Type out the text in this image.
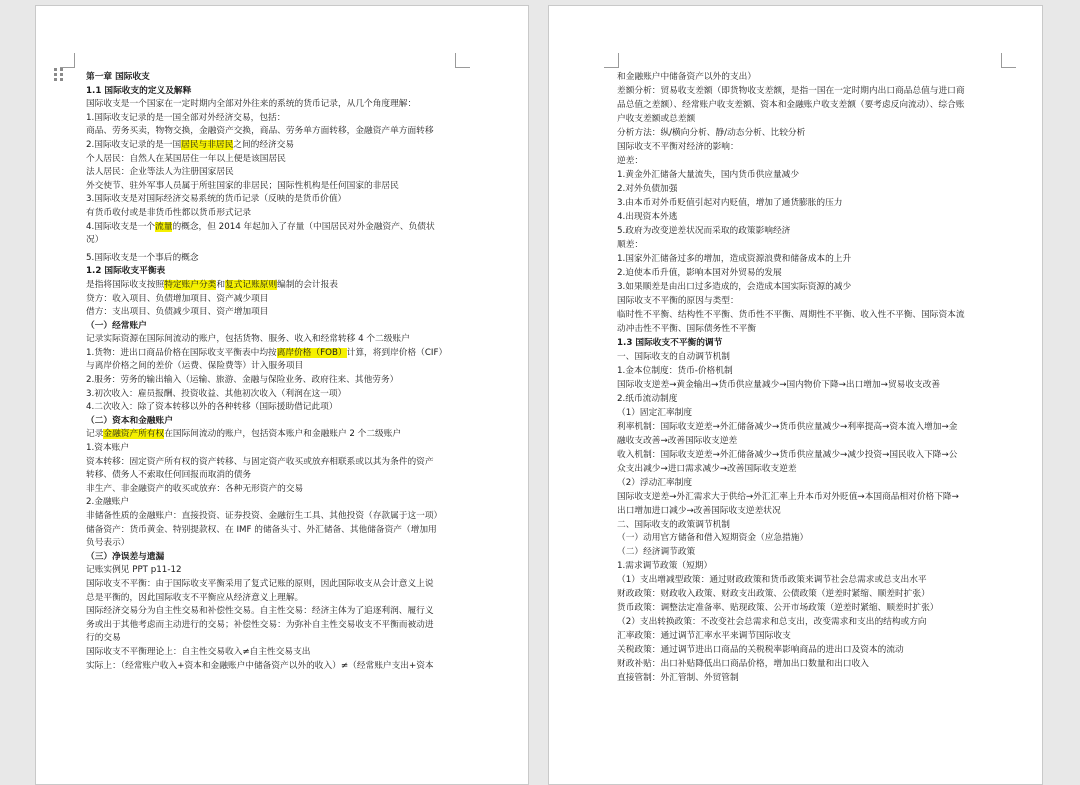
第一章 国际收支
1.1 国际收支的定义及解释
国际收支是一个国家在一定时期内全部对外往来的系统的货币记录，从几个角度理解：
1.国际收支记录的是一国全部对外经济交易，包括：
商品、劳务买卖，物物交换，金融资产交换，商品、劳务单方面转移，金融资产单方面转移
2.国际收支记录的是一国居民与非居民之间的经济交易
个人居民：自然人在某国居住一年以上便是该国居民
法人居民：企业等法人为注册国家居民
外交使节、驻外军事人员属于所驻国家的非居民；国际性机构是任何国家的非居民
3.国际收支是对国际经济交易系统的货币记录（反映的是货币价值）
有货币收付或是非货币性都以货币形式记录
4.国际收支是一个流量的概念，但 2014 年起加入了存量（中国居民对外金融资产、负债状
况）
5.国际收支是一个事后的概念
1.2 国际收支平衡表
是指将国际收支按照特定账户分类和复式记账原则编制的会计报表
贷方：收入项目、负债增加项目、资产减少项目
借方：支出项目、负债减少项目、资产增加项目
（一）经常账户
记录实际资源在国际间流动的账户，包括货物、服务、收入和经常转移 4 个二级账户
1.货物：进出口商品价格在国际收支平衡表中均按离岸价格（FOB）计算，将到岸价格（CIF）
与离岸价格之间的差价（运费、保险费等）计入服务项目
2.服务：劳务的输出输入（运输、旅游、金融与保险业务、政府往来、其他劳务）
3.初次收入：雇员报酬、投资收益、其他初次收入（利润在这一项）
4.二次收入：除了资本转移以外的各种转移（国际援助借记此项）
（二）资本和金融账户
记录金融资产所有权在国际间流动的账户，包括资本账户和金融账户 2 个二级账户
1.资本账户
资本转移：固定资产所有权的资产转移、与固定资产收买或放弃相联系或以其为条件的资产
转移、债务人不索取任何回报而取消的债务
非生产、非金融资产的收买或放弃：各种无形资产的交易
2.金融账户
非储备性质的金融账户：直接投资、证券投资、金融衍生工具、其他投资（存款属于这一项）
储备资产：货币黄金、特别提款权、在 IMF 的储备头寸、外汇储备、其他储备资产（增加用
负号表示）
（三）净误差与遗漏
记账实例见 PPT p11-12
国际收支不平衡：由于国际收支平衡采用了复式记账的原则，因此国际收支从会计意义上说
总是平衡的，因此国际收支不平衡应从经济意义上理解。
国际经济交易分为自主性交易和补偿性交易。自主性交易：经济主体为了追逐利润、履行义
务或出于其他考虑而主动进行的交易；补偿性交易：为弥补自主性交易收支不平衡而被动进
行的交易
国际收支不平衡理论上：自主性交易收入≠自主性交易支出
实际上：（经常账户收入+资本和金融账户中储备资产以外的收入）≠（经常账户支出+资本
和金融账户中储备资产以外的支出）
差额分析：贸易收支差额（即货物收支差额，是指一国在一定时期内出口商品总值与进口商
品总值之差额）、经常账户收支差额、资本和金融账户收支差额（要考虑反向流动）、综合账
户收支差额或总差额
分析方法：纵/横向分析、静/动态分析、比较分析
国际收支不平衡对经济的影响：
逆差：
1.黄金外汇储备大量流失，国内货币供应量减少
2.对外负债加强
3.由本币对外币贬值引起对内贬值，增加了通货膨胀的压力
4.出现资本外逃
5.政府为改变逆差状况而采取的政策影响经济
顺差：
1.国家外汇储备过多的增加，造成资源浪费和储备成本的上升
2.迫使本币升值，影响本国对外贸易的发展
3.如果顺差是由出口过多造成的，会造成本国实际资源的减少
国际收支不平衡的原因与类型：
临时性不平衡、结构性不平衡、货币性不平衡、周期性不平衡、收入性不平衡、国际资本流
动冲击性不平衡、国际债务性不平衡
1.3 国际收支不平衡的调节
一、国际收支的自动调节机制
1.金本位制度：货币-价格机制
国际收支逆差→黄金输出→货币供应量减少→国内物价下降→出口增加→贸易收支改善
2.纸币流动制度
（1）固定汇率制度
利率机制：国际收支逆差→外汇储备减少→货币供应量减少→利率提高→资本流入增加→金
融收支改善→改善国际收支逆差
收入机制：国际收支逆差→外汇储备减少→货币供应量减少→减少投资→国民收入下降→公
众支出减少→进口需求减少→改善国际收支逆差
（2）浮动汇率制度
国际收支逆差→外汇需求大于供给→外汇汇率上升本币对外贬值→本国商品相对价格下降→
出口增加进口减少→改善国际收支逆差状况
二、国际收支的政策调节机制
（一）动用官方储备和借入短期资金（应急措施）
（二）经济调节政策
1.需求调节政策（短期）
（1）支出增减型政策：通过财政政策和货币政策来调节社会总需求或总支出水平
财政政策：财政收入政策、财政支出政策、公债政策（逆差时紧缩、顺差时扩张）
货币政策：调整法定准备率、贴现政策、公开市场政策（逆差时紧缩、顺差时扩张）
（2）支出转换政策：不改变社会总需求和总支出，改变需求和支出的结构或方向
汇率政策：通过调节汇率水平来调节国际收支
关税政策：通过调节进出口商品的关税税率影响商品的进出口及资本的流动
财政补贴：出口补贴降低出口商品价格，增加出口数量和出口收入
直接管制：外汇管制、外贸管制
